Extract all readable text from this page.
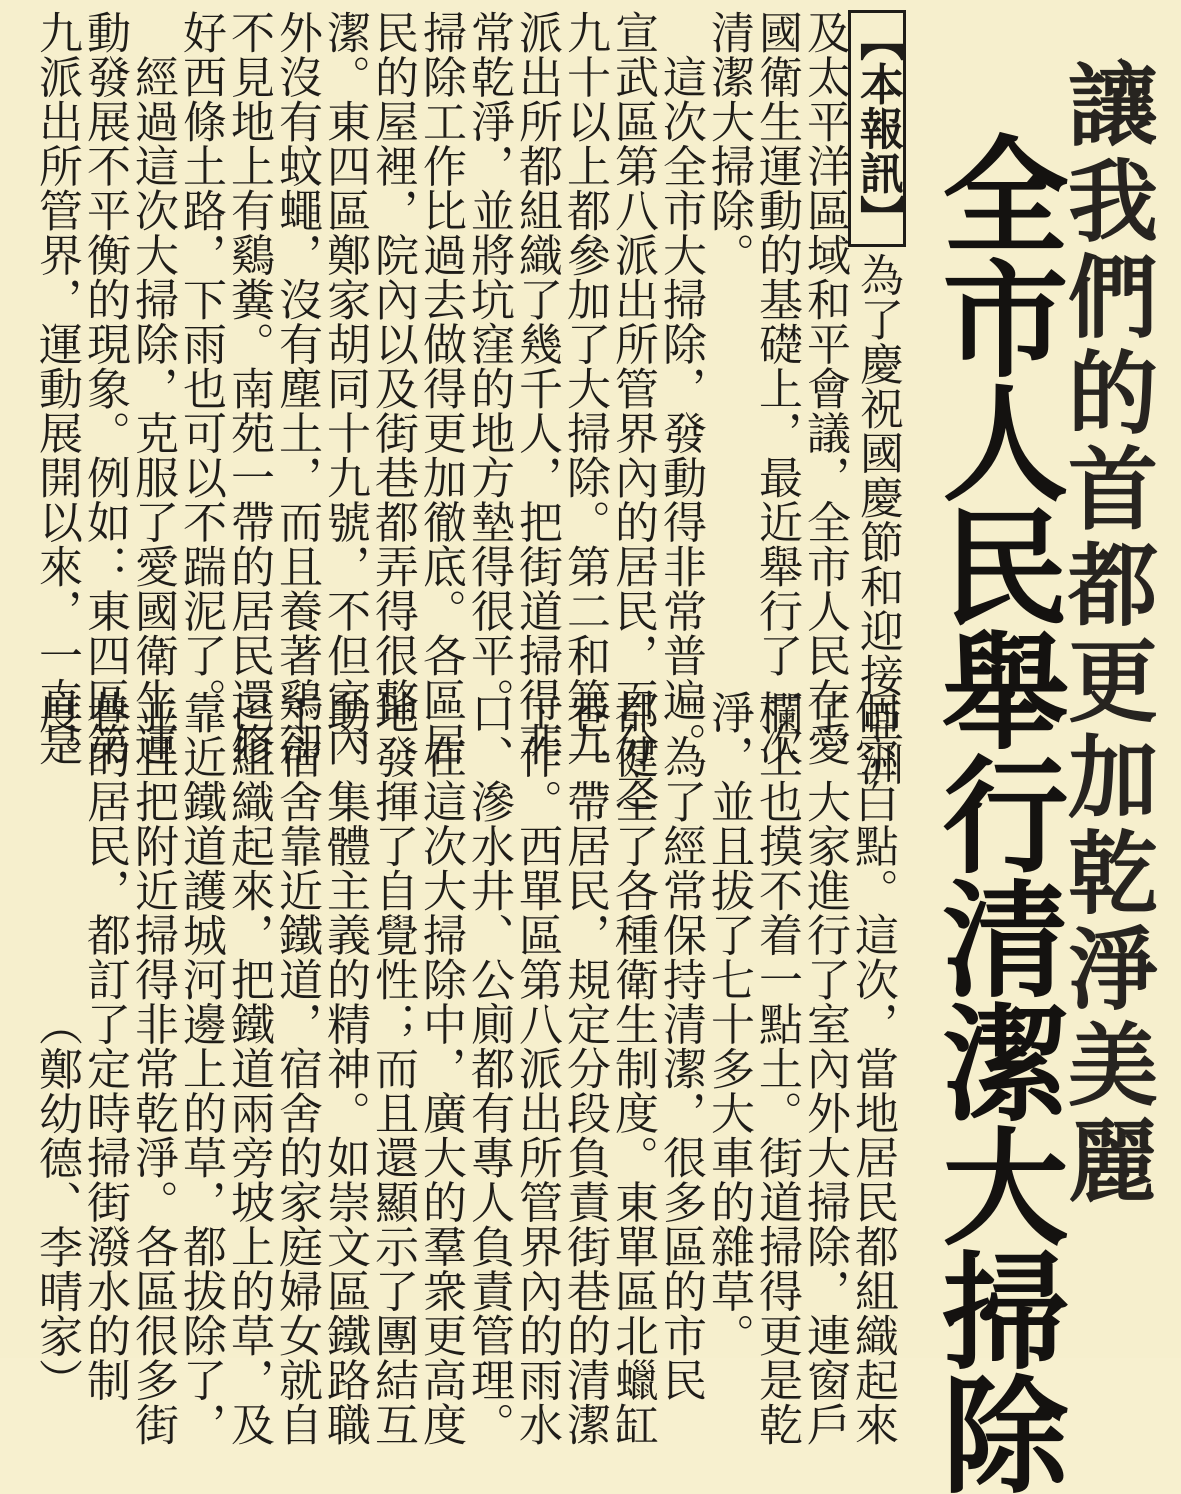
讓我們的首都更加乾淨美麗
全市人民舉行清潔大掃除
【本報訊】為了慶祝國慶節和迎接亞洲
及太平洋區域和平會議，全市人民在愛
國衛生運動的基礎上，最近舉行了一次
清潔大掃除。
　這次全市大掃除，發動得非常普遍。
宣武區第八派出所管界內的居民，百分之
九十以上都參加了大掃除。第二和第九
派出所都組織了幾千人，把街道掃得非
常乾淨，並將坑窪的地方墊得很平。
掃除工作比過去做得更加徹底。各區居
民的屋裡，院內以及街巷都弄得很整
潔。東四區鄭家胡同十九號，不但室內
外沒有蚊蠅，沒有塵土，而且養著鷄卻
不見地上有鷄糞。南苑一帶的居民還修
好西條土路，下雨也可以不踹泥了。
　經過這次大掃除，克服了愛國衛生運
動發展不平衡的現象。例如：東四區第
九派出所管界，運動展開以來，一直是
個空白點。這次，當地居民都組織起來
了，大家進行了室內外大掃除，連窗戶
欄上也摸不着一點土。街道掃得更是乾
淨，並且拔了七十多大車的雜草。
　為了經常保持清潔，很多區的市民
都健全了各種衛生制度。東單區北蠟缸
巷一帶居民，規定分段負責街巷的清潔
工作。西單區第八派出所管界內的雨水
口、滲水井、公廁都有專人負責管理。
　在這次大掃除中，廣大的羣衆更高度
地發揮了自覺性；而且還顯示了團結互
助、集體主義的精神。如崇文區鐵路職
工宿舍靠近鐵道，宿舍的家庭婦女就自
己組織起來，把鐵道兩旁坡上的草，及
靠近鐵道護城河邊上的草，都拔除了，
並且把附近掃得非常乾淨。各區很多街
巷的居民，都訂了定時掃街潑水的制
度。　　　　　　（鄭幼德、李晴家）
